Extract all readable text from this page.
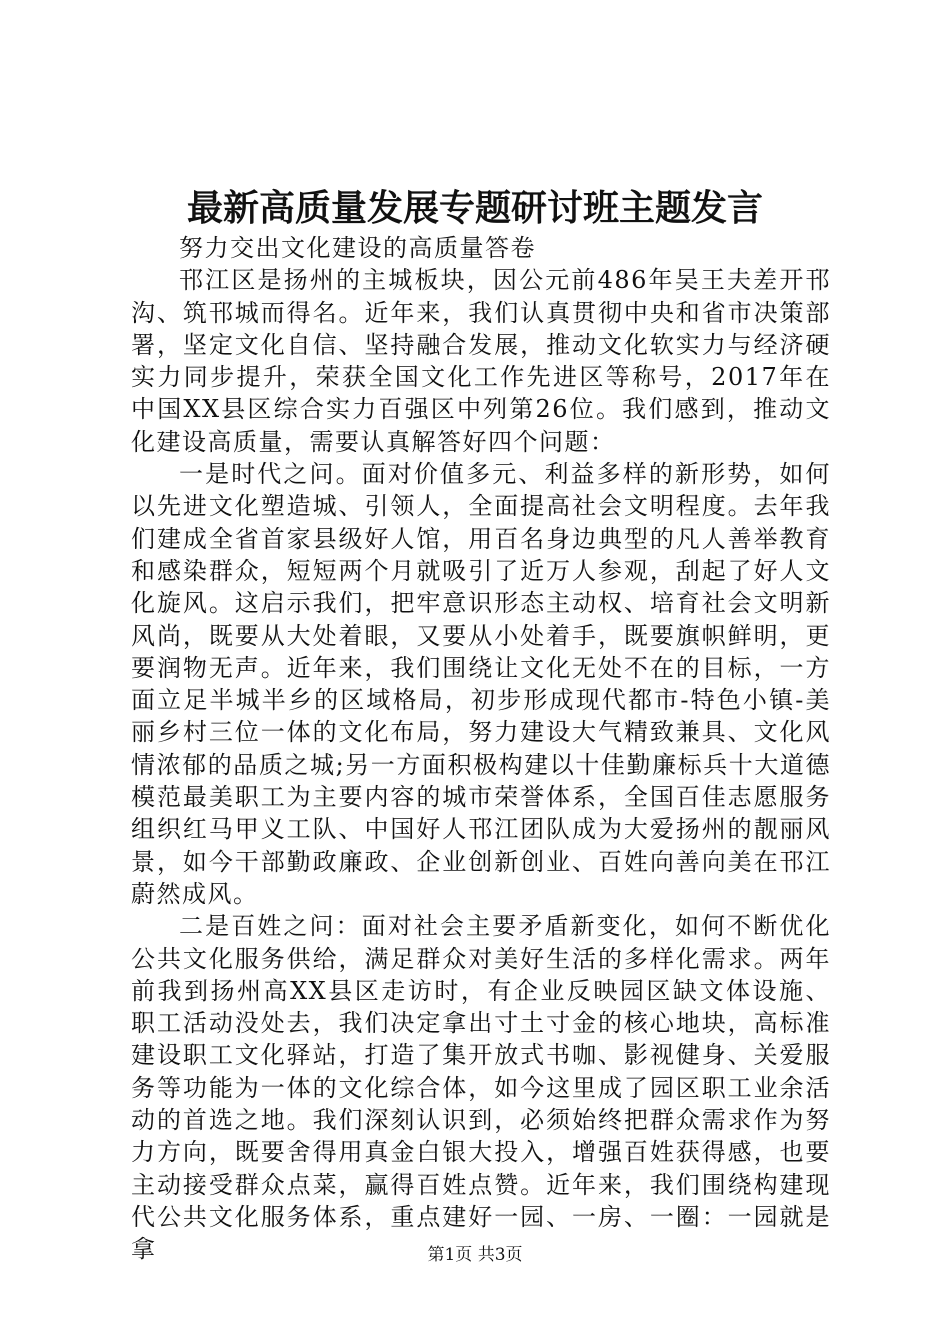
最新高质量发展专题研讨班主题发言

努力交出文化建设的高质量答卷

邗江区是扬州的主城板块，因公元前486年吴王夫差开邗沟、筑邗城而得名。近年来，我们认真贯彻中央和省市决策部署，坚定文化自信、坚持融合发展，推动文化软实力与经济硬实力同步提升，荣获全国文化工作先进区等称号，2017年在中国XX县区综合实力百强区中列第26位。我们感到，推动文化建设高质量，需要认真解答好四个问题：

一是时代之问。面对价值多元、利益多样的新形势，如何以先进文化塑造城、引领人，全面提高社会文明程度。去年我们建成全省首家县级好人馆，用百名身边典型的凡人善举教育和感染群众，短短两个月就吸引了近万人参观，刮起了好人文化旋风。这启示我们，把牢意识形态主动权、培育社会文明新风尚，既要从大处着眼，又要从小处着手，既要旗帜鲜明，更要润物无声。近年来，我们围绕让文化无处不在的目标，一方面立足半城半乡的区域格局，初步形成现代都市-特色小镇-美丽乡村三位一体的文化布局，努力建设大气精致兼具、文化风情浓郁的品质之城;另一方面积极构建以十佳勤廉标兵十大道德模范最美职工为主要内容的城市荣誉体系，全国百佳志愿服务组织红马甲义工队、中国好人邗江团队成为大爱扬州的靓丽风景，如今干部勤政廉政、企业创新创业、百姓向善向美在邗江蔚然成风。

二是百姓之问：面对社会主要矛盾新变化，如何不断优化公共文化服务供给，满足群众对美好生活的多样化需求。两年前我到扬州高XX县区走访时，有企业反映园区缺文体设施、职工活动没处去，我们决定拿出寸土寸金的核心地块，高标准建设职工文化驿站，打造了集开放式书咖、影视健身、关爱服务等功能为一体的文化综合体，如今这里成了园区职工业余活动的首选之地。我们深刻认识到，必须始终把群众需求作为努力方向，既要舍得用真金白银大投入，增强百姓获得感，也要主动接受群众点菜，赢得百姓点赞。近年来，我们围绕构建现代公共文化服务体系，重点建好一园、一房、一圈：一园就是拿	第1页 共3页
